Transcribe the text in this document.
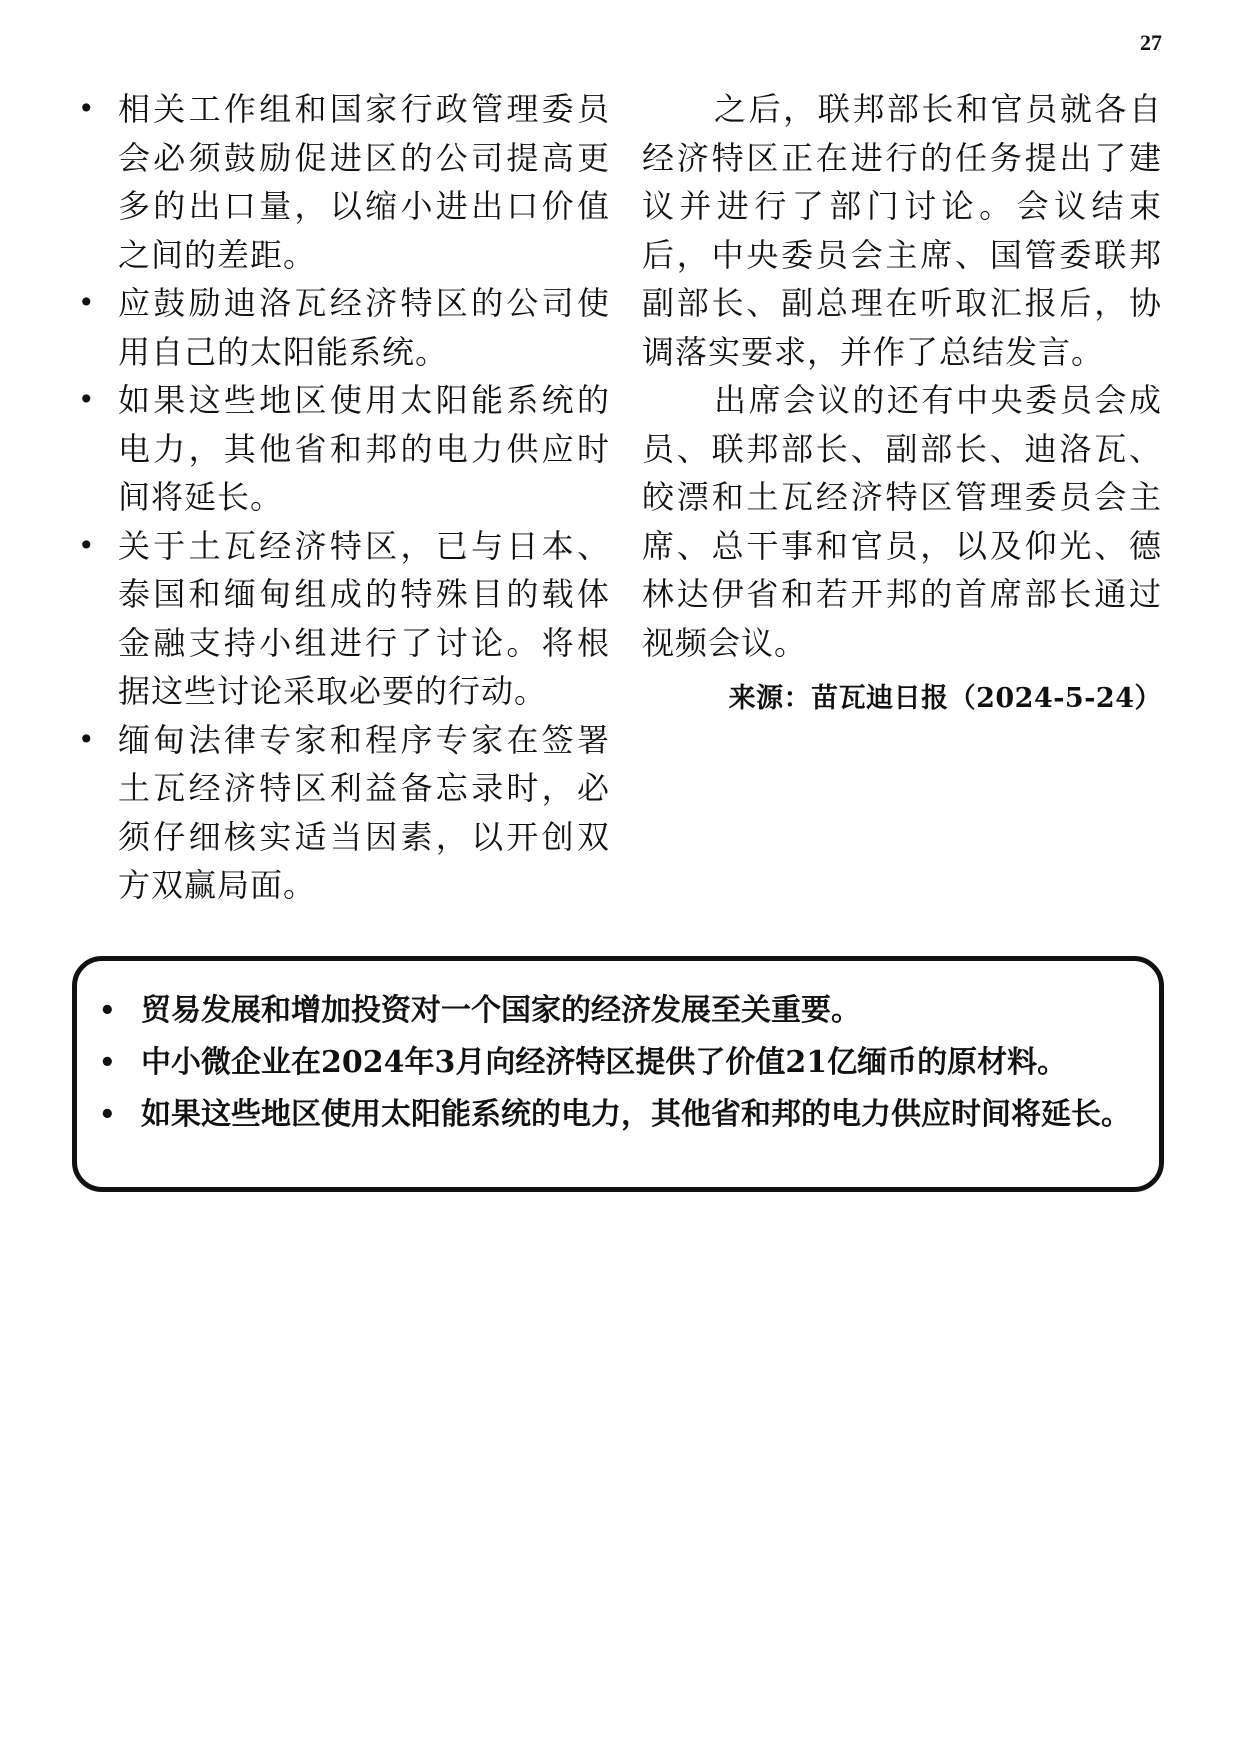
27
• 相关工作组和国家行政管理委员会必须鼓励促进区的公司提高更多的出口量，以缩小进出口价值之间的差距。
• 应鼓励迪洛瓦经济特区的公司使用自己的太阳能系统。
• 如果这些地区使用太阳能系统的电力，其他省和邦的电力供应时间将延长。
• 关于土瓦经济特区，已与日本、泰国和缅甸组成的特殊目的载体金融支持小组进行了讨论。将根据这些讨论采取必要的行动。
• 缅甸法律专家和程序专家在签署土瓦经济特区利益备忘录时，必须仔细核实适当因素，以开创双方双赢局面。

之后，联邦部长和官员就各自经济特区正在进行的任务提出了建议并进行了部门讨论。会议结束后，中央委员会主席、国管委联邦副部长、副总理在听取汇报后，协调落实要求，并作了总结发言。

出席会议的还有中央委员会成员、联邦部长、副部长、迪洛瓦、皎漂和土瓦经济特区管理委员会主席、总干事和官员，以及仰光、德林达伊省和若开邦的首席部长通过视频会议。

来源：苗瓦迪日报（2024-5-24）
• 贸易发展和增加投资对一个国家的经济发展至关重要。
• 中小微企业在2024年3月向经济特区提供了价值21亿缅币的原材料。
• 如果这些地区使用太阳能系统的电力，其他省和邦的电力供应时间将延长。
